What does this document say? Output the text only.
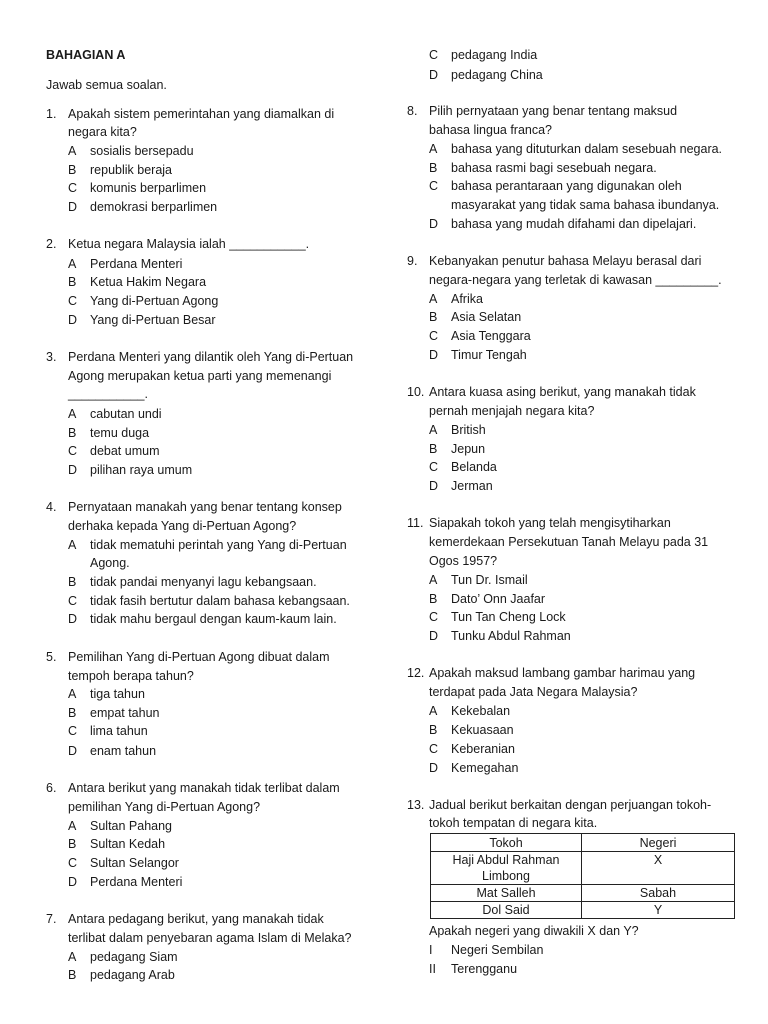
BAHAGIAN A
Jawab semua soalan.
1. Apakah sistem pemerintahan yang diamalkan di
negara kita?
A sosialis bersepadu
B republik beraja
C komunis berparlimen
D demokrasi berparlimen
2. Ketua negara Malaysia ialah ___________.
A Perdana Menteri
B Ketua Hakim Negara
C Yang di-Pertuan Agong
D Yang di-Pertuan Besar
3. Perdana Menteri yang dilantik oleh Yang di-Pertuan
Agong merupakan ketua parti yang memenangi
___________.
A cabutan undi
B temu duga
C debat umum
D pilihan raya umum
4. Pernyataan manakah yang benar tentang konsep
derhaka kepada Yang di-Pertuan Agong?
A tidak mematuhi perintah yang Yang di-Pertuan
Agong.
B tidak pandai menyanyi lagu kebangsaan.
C tidak fasih bertutur dalam bahasa kebangsaan.
D tidak mahu bergaul dengan kaum-kaum lain.
5. Pemilihan Yang di-Pertuan Agong dibuat dalam
tempoh berapa tahun?
A tiga tahun
B empat tahun
C lima tahun
D enam tahun
6. Antara berikut yang manakah tidak terlibat dalam
pemilihan Yang di-Pertuan Agong?
A Sultan Pahang
B Sultan Kedah
C Sultan Selangor
D Perdana Menteri
7. Antara pedagang berikut, yang manakah tidak
terlibat dalam penyebaran agama Islam di Melaka?
A pedagang Siam
B pedagang Arab
C pedagang India
D pedagang China
8. Pilih pernyataan yang benar tentang maksud
bahasa lingua franca?
A bahasa yang dituturkan dalam sesebuah negara.
B bahasa rasmi bagi sesebuah negara.
C bahasa perantaraan yang digunakan oleh
masyarakat yang tidak sama bahasa ibundanya.
D bahasa yang mudah difahami dan dipelajari.
9. Kebanyakan penutur bahasa Melayu berasal dari
negara-negara yang terletak di kawasan _________.
A Afrika
B Asia Selatan
C Asia Tenggara
D Timur Tengah
10. Antara kuasa asing berikut, yang manakah tidak
pernah menjajah negara kita?
A British
B Jepun
C Belanda
D Jerman
11. Siapakah tokoh yang telah mengisytiharkan
kemerdekaan Persekutuan Tanah Melayu pada 31
Ogos 1957?
A Tun Dr. Ismail
B Dato’ Onn Jaafar
C Tun Tan Cheng Lock
D Tunku Abdul Rahman
12. Apakah maksud lambang gambar harimau yang
terdapat pada Jata Negara Malaysia?
A Kekebalan
B Kekuasaan
C Keberanian
D Kemegahan
13. Jadual berikut berkaitan dengan perjuangan tokoh-
tokoh tempatan di negara kita.
Tokoh	Negeri

Haji Abdul Rahman
Limbong	X
Mat Salleh	Sabah
Dol Said	Y
Apakah negeri yang diwakili X dan Y?
I Negeri Sembilan
II Terengganu
